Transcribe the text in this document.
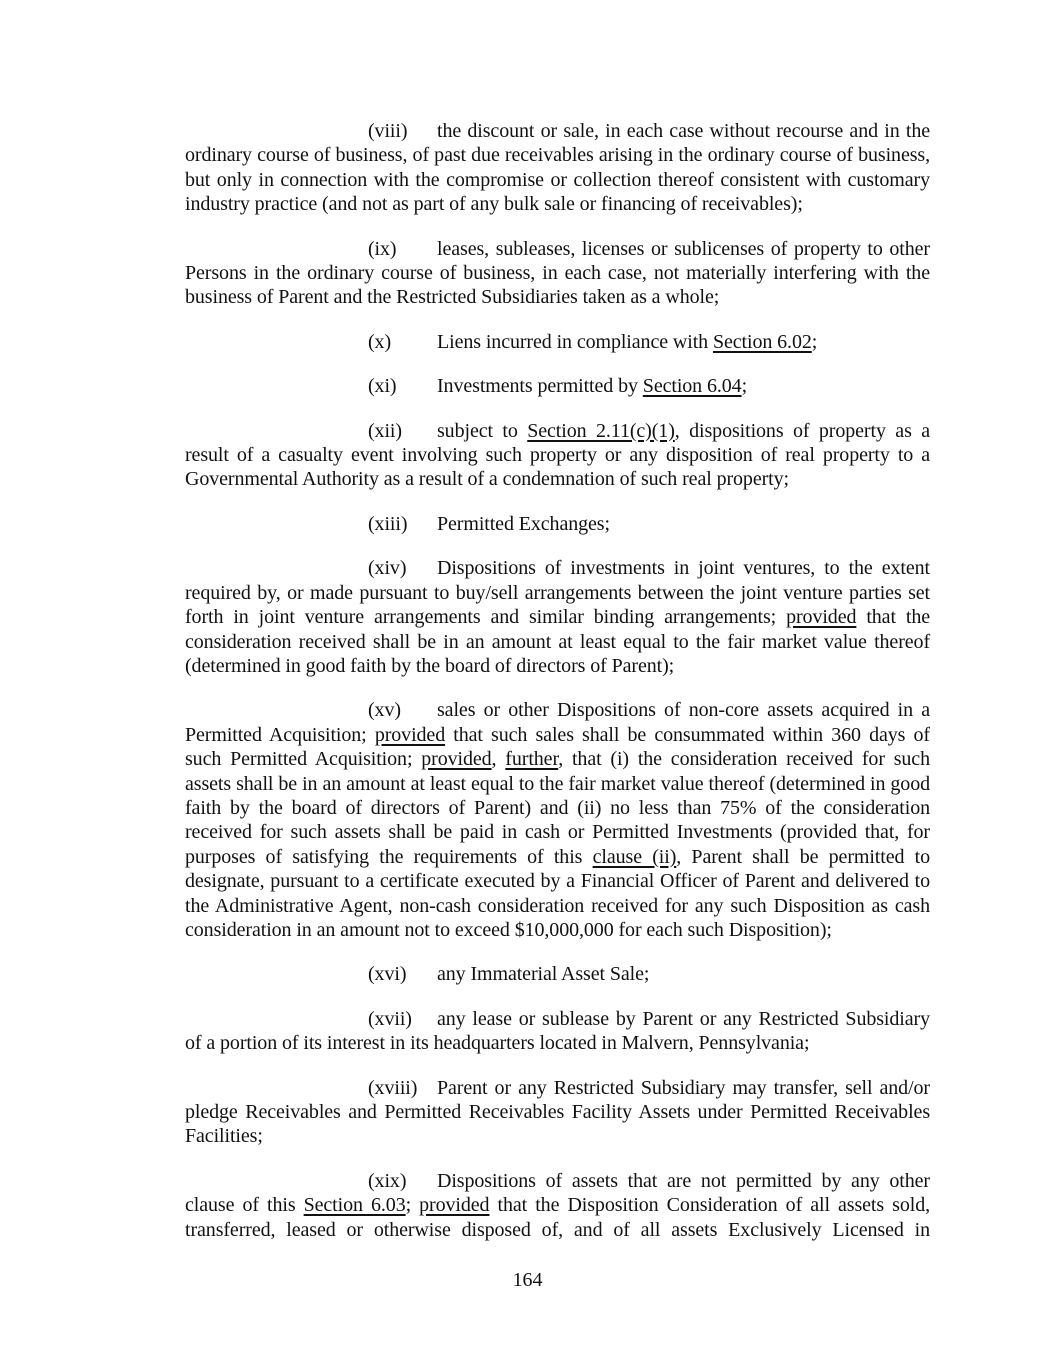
(viii) the discount or sale, in each case without recourse and in the ordinary course of business, of past due receivables arising in the ordinary course of business, but only in connection with the compromise or collection thereof consistent with customary industry practice (and not as part of any bulk sale or financing of receivables);

(ix) leases, subleases, licenses or sublicenses of property to other Persons in the ordinary course of business, in each case, not materially interfering with the business of Parent and the Restricted Subsidiaries taken as a whole;

(x) Liens incurred in compliance with Section 6.02;

(xi) Investments permitted by Section 6.04;

(xii) subject to Section 2.11(c)(1), dispositions of property as a result of a casualty event involving such property or any disposition of real property to a Governmental Authority as a result of a condemnation of such real property;

(xiii) Permitted Exchanges;

(xiv) Dispositions of investments in joint ventures, to the extent required by, or made pursuant to buy/sell arrangements between the joint venture parties set forth in joint venture arrangements and similar binding arrangements; provided that the consideration received shall be in an amount at least equal to the fair market value thereof (determined in good faith by the board of directors of Parent);

(xv) sales or other Dispositions of non-core assets acquired in a Permitted Acquisition; provided that such sales shall be consummated within 360 days of such Permitted Acquisition; provided, further, that (i) the consideration received for such assets shall be in an amount at least equal to the fair market value thereof (determined in good faith by the board of directors of Parent) and (ii) no less than 75% of the consideration received for such assets shall be paid in cash or Permitted Investments (provided that, for purposes of satisfying the requirements of this clause (ii), Parent shall be permitted to designate, pursuant to a certificate executed by a Financial Officer of Parent and delivered to the Administrative Agent, non-cash consideration received for any such Disposition as cash consideration in an amount not to exceed $10,000,000 for each such Disposition);

(xvi) any Immaterial Asset Sale;

(xvii) any lease or sublease by Parent or any Restricted Subsidiary of a portion of its interest in its headquarters located in Malvern, Pennsylvania;

(xviii) Parent or any Restricted Subsidiary may transfer, sell and/or pledge Receivables and Permitted Receivables Facility Assets under Permitted Receivables Facilities;

(xix) Dispositions of assets that are not permitted by any other clause of this Section 6.03; provided that the Disposition Consideration of all assets sold, transferred, leased or otherwise disposed of, and of all assets Exclusively Licensed in

164
